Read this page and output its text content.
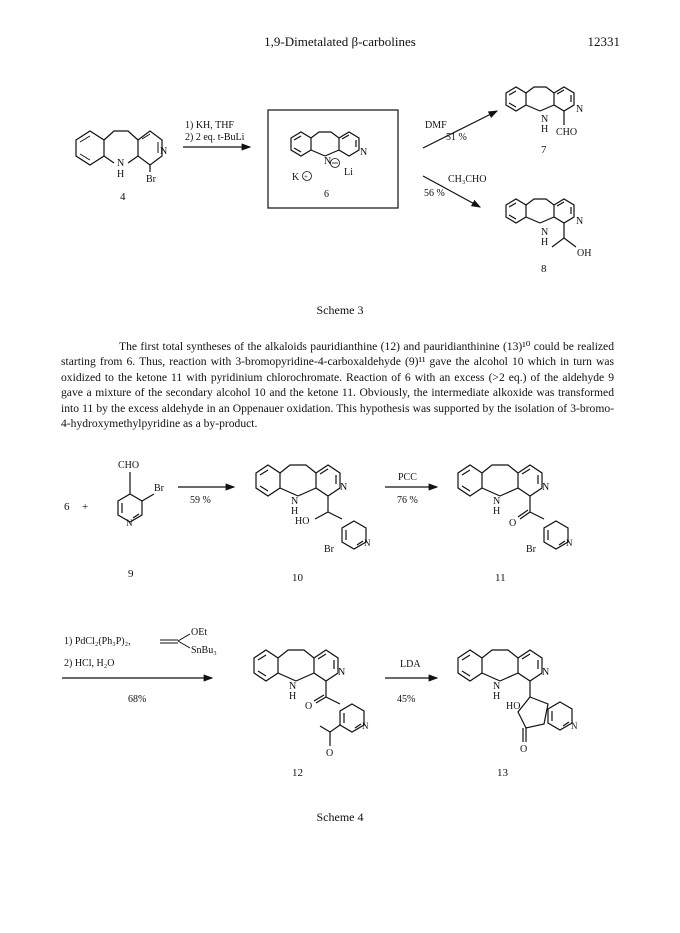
1,9-Dimetalated β-carbolines	12331
N
H
N
Br
4
1) KH, THF
2) 2 eq. t-BuLi
N
N
Li
K +
6
DMF
51 %
N
H
N
CHO
7
CH₃CHO
56 %
N
H
N
OH
8
Scheme 3

The first total syntheses of the alkaloids pauridianthine (12) and pauridianthinine (13)¹⁰ could be realized starting from 6. Thus, reaction with 3-bromopyridine-4-carboxaldehyde (9)¹¹ gave the alcohol 10 which in turn was oxidized to the ketone 11 with pyridinium chlorochromate. Reaction of 6 with an excess (>2 eq.) of the aldehyde 9 gave a mixture of the secondary alcohol 10 and the ketone 11. Obviously, the intermediate alkoxide was transformed into 11 by the excess aldehyde in an Oppenauer oxidation. This hypothesis was supported by the isolation of 3-bromo-4-hydroxymethylpyridine as a by-product.

6 +
CHO
Br
N
9
59 %	N
H
N
HO
N
Br
10
PCC
76 %	N
H
N
O
N
Br
11
1) PdCl₂(Ph₃P)₂,
OEt
SnBu₃
2) HCl, H₂O
68%
N
H
N
O
N
O
12
LDA
45%
N
H
N
HO
N
O
13
Scheme 4
